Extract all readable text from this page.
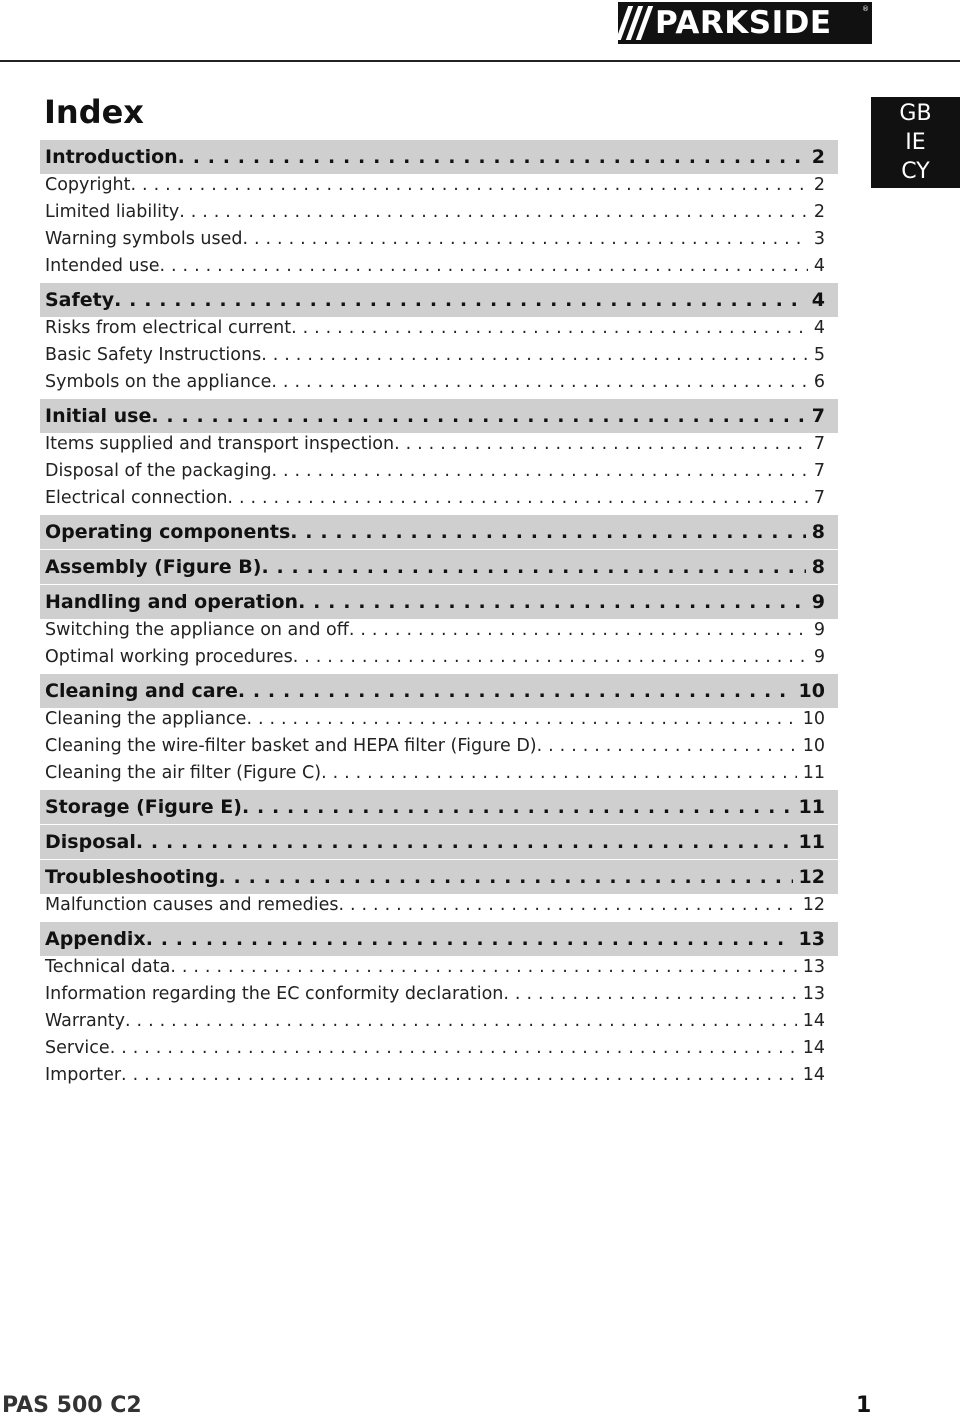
PARKSIDE	®
Index	GB
IE
CY
Introduction . . .	2
Copyright . . .	2
Limited liability . . .	2
Warning symbols used . . .	3
Intended use . . .	4
Safety . . .	4
Risks from electrical current . . .	4
Basic Safety Instructions . . .	5
Symbols on the appliance . . .	6
Initial use . . .	7
Items supplied and transport inspection . . .	7
Disposal of the packaging . . .	7
Electrical connection . . .	7
Operating components . . .	8
Assembly (Figure B) . . .	8
Handling and operation . . .	9
Switching the appliance on and off . . .	9
Optimal working procedures . . .	9
Cleaning and care . . .	10
Cleaning the appliance . . .	10
Cleaning the wire-filter basket and HEPA filter (Figure D) . . .	10
Cleaning the air filter (Figure C) . . .	11
Storage (Figure E) . . .	11
Disposal . . .	11
Troubleshooting . . .	12
Malfunction causes and remedies . . .	12
Appendix . . .	13
Technical data . . .	13
Information regarding the EC conformity declaration . . .	13
Warranty . . .	14
Service . . .	14
Importer . . .	14
PAS 500 C2	1
